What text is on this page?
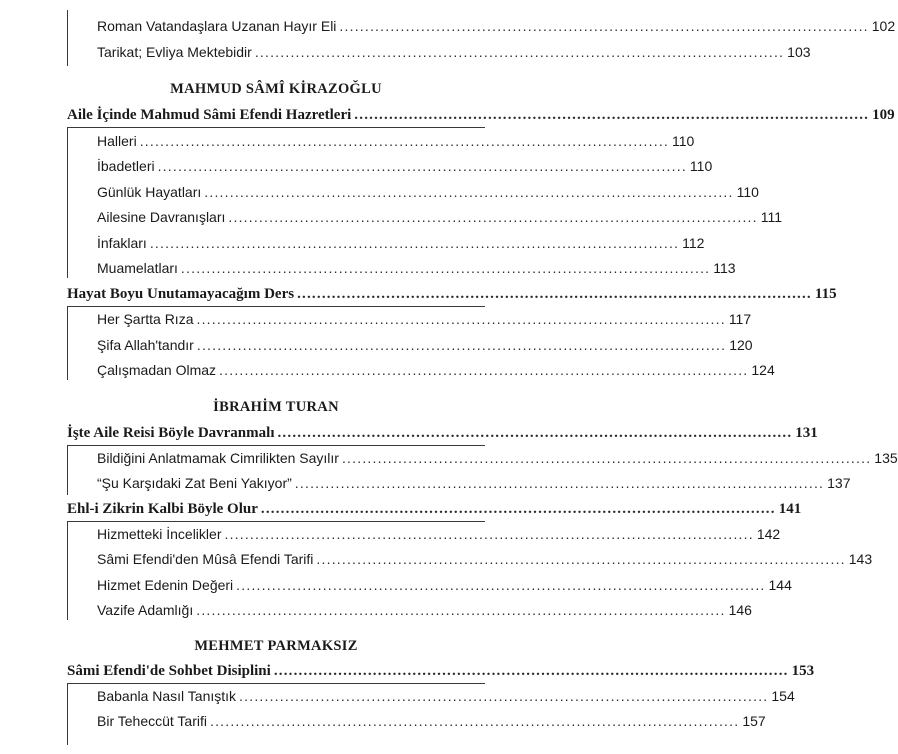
Roman Vatandaşlara Uzanan Hayır Eli ........................................................................................................ 102
Tarikat; Evliya Mektebidir ........................................................................................................ 103
MAHMUD SÂMÎ KİRAZOĞLU
Aile İçinde Mahmud Sâmi Efendi Hazretleri ........................................................................................................ 109
Halleri ........................................................................................................ 110
İbadetleri ........................................................................................................ 110
Günlük Hayatları ........................................................................................................ 110
Ailesine Davranışları ........................................................................................................ 111
İnfakları ........................................................................................................ 112
Muamelatları ........................................................................................................ 113
Hayat Boyu Unutamayacağım Ders ........................................................................................................ 115
Her Şartta Rıza ........................................................................................................ 117
Şifa Allah'tandır ........................................................................................................ 120
Çalışmadan Olmaz ........................................................................................................ 124
İBRAHİM TURAN
İşte Aile Reisi Böyle Davranmalı ........................................................................................................ 131
Bildiğini Anlatmamak Cimrilikten Sayılır ........................................................................................................ 135
“Şu Karşıdaki Zat Beni Yakıyor” ........................................................................................................ 137
Ehl-i Zikrin Kalbi Böyle Olur ........................................................................................................ 141
Hizmetteki İncelikler ........................................................................................................ 142
Sâmi Efendi'den Mûsâ Efendi Tarifi ........................................................................................................ 143
Hizmet Edenin Değeri ........................................................................................................ 144
Vazife Adamlığı ........................................................................................................ 146
MEHMET PARMAKSIZ
Sâmi Efendi'de Sohbet Disiplini ........................................................................................................ 153
Babanla Nasıl Tanıştık ........................................................................................................ 154
Bir Teheccüt Tarifi ........................................................................................................ 157
